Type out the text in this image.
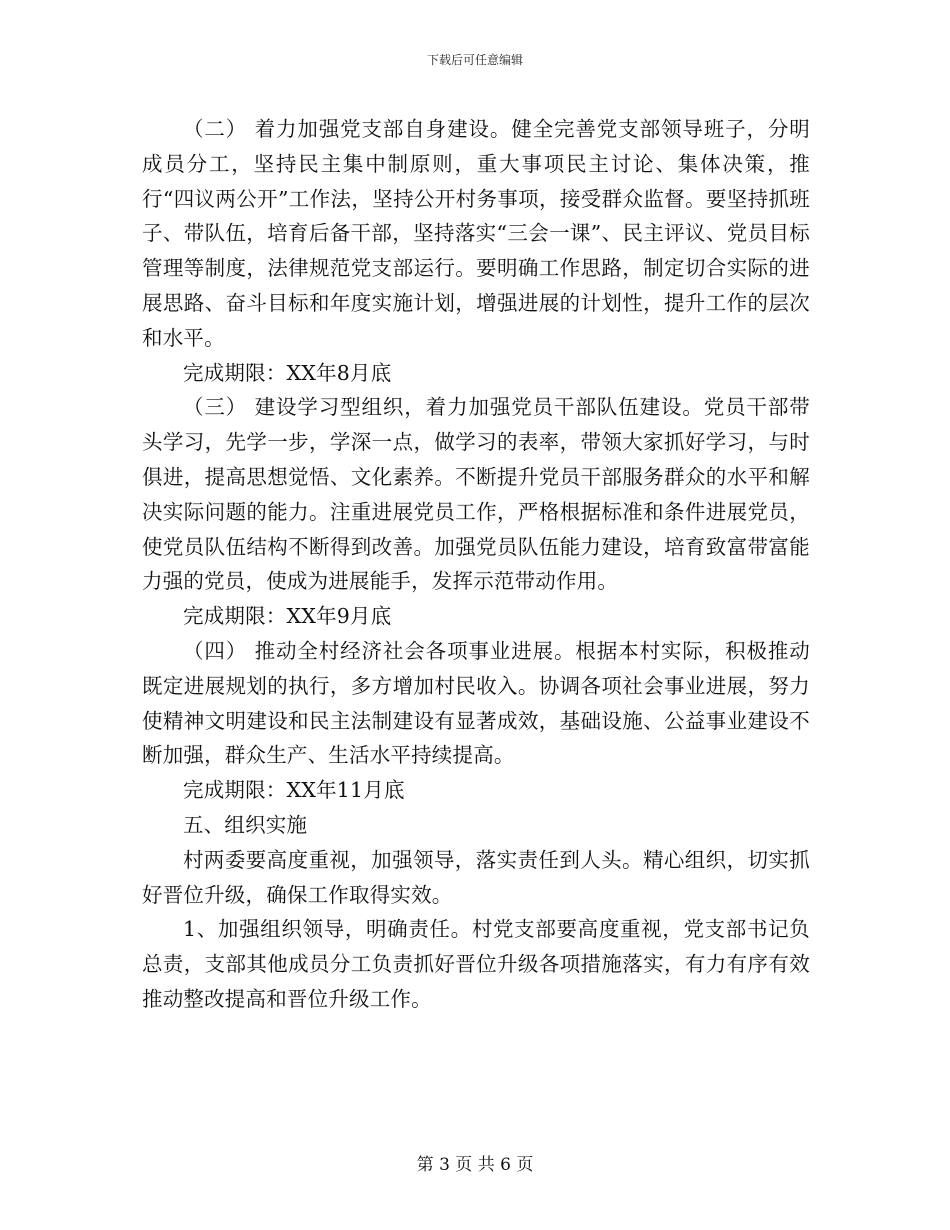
下载后可任意编辑

（二） 着力加强党支部自身建设。健全完善党支部领导班子，分明成员分工，坚持民主集中制原则，重大事项民主讨论、集体决策，推行“四议两公开”工作法，坚持公开村务事项，接受群众监督。要坚持抓班子、带队伍，培育后备干部，坚持落实“三会一课”、民主评议、党员目标管理等制度，法律规范党支部运行。要明确工作思路，制定切合实际的进展思路、奋斗目标和年度实施计划，增强进展的计划性，提升工作的层次和水平。

完成期限：XX年8月底

（三） 建设学习型组织，着力加强党员干部队伍建设。党员干部带头学习，先学一步，学深一点，做学习的表率，带领大家抓好学习，与时俱进，提高思想觉悟、文化素养。不断提升党员干部服务群众的水平和解决实际问题的能力。注重进展党员工作，严格根据标准和条件进展党员，使党员队伍结构不断得到改善。加强党员队伍能力建设，培育致富带富能力强的党员，使成为进展能手，发挥示范带动作用。

完成期限：XX年9月底

（四） 推动全村经济社会各项事业进展。根据本村实际，积极推动既定进展规划的执行，多方增加村民收入。协调各项社会事业进展，努力使精神文明建设和民主法制建设有显著成效，基础设施、公益事业建设不断加强，群众生产、生活水平持续提高。

完成期限：XX年11月底

五、组织实施

村两委要高度重视，加强领导，落实责任到人头。精心组织，切实抓好晋位升级，确保工作取得实效。

1、加强组织领导，明确责任。村党支部要高度重视，党支部书记负总责，支部其他成员分工负责抓好晋位升级各项措施落实，有力有序有效推动整改提高和晋位升级工作。

第 3 页 共 6 页
